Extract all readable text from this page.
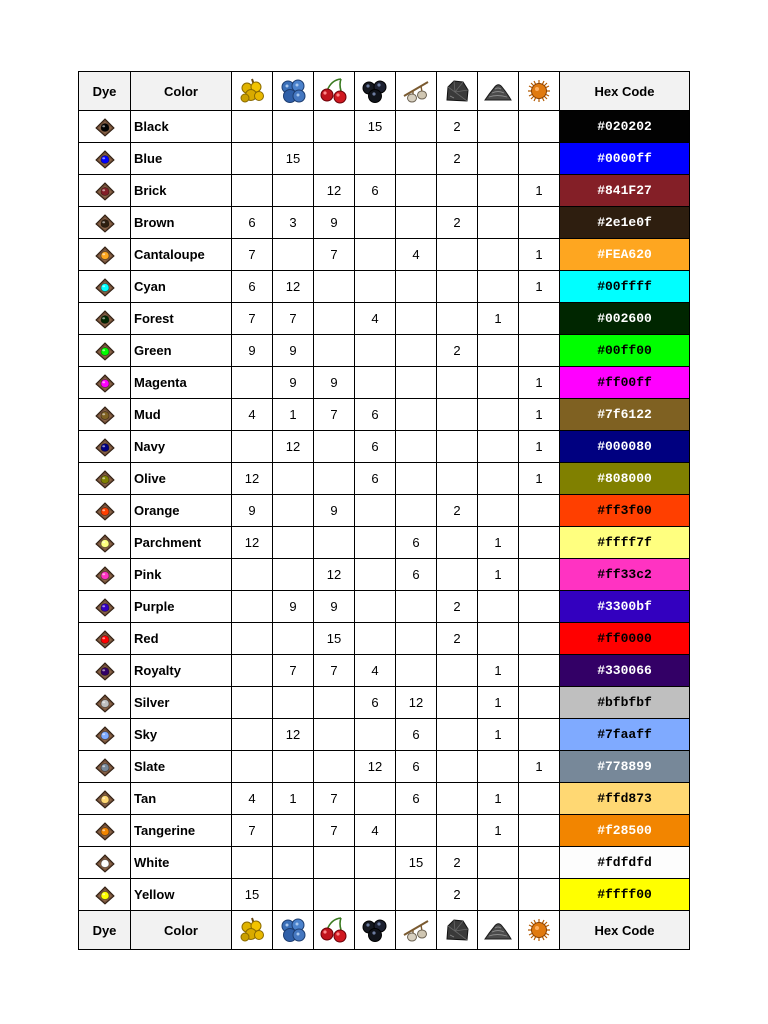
Dye	Color									Hex Code
	Black				15		2			#020202
	Blue		15				2			#0000ff
	Brick			12	6				1	#841F27
	Brown	6	3	9			2			#2e1e0f
	Cantaloupe	7		7		4			1	#FEA620
	Cyan	6	12						1	#00ffff
	Forest	7	7		4			1		#002600
	Green	9	9				2			#00ff00
	Magenta		9	9					1	#ff00ff
	Mud	4	1	7	6				1	#7f6122
	Navy		12		6				1	#000080
	Olive	12			6				1	#808000
	Orange	9		9			2			#ff3f00
	Parchment	12				6		1		#ffff7f
	Pink			12		6		1		#ff33c2
	Purple		9	9			2			#3300bf
	Red			15			2			#ff0000
	Royalty		7	7	4			1		#330066
	Silver				6	12		1		#bfbfbf
	Sky		12			6		1		#7faaff
	Slate				12	6			1	#778899
	Tan	4	1	7		6		1		#ffd873
	Tangerine	7		7	4			1		#f28500
	White					15	2			#fdfdfd
	Yellow	15					2			#ffff00
Dye	Color									Hex Code
